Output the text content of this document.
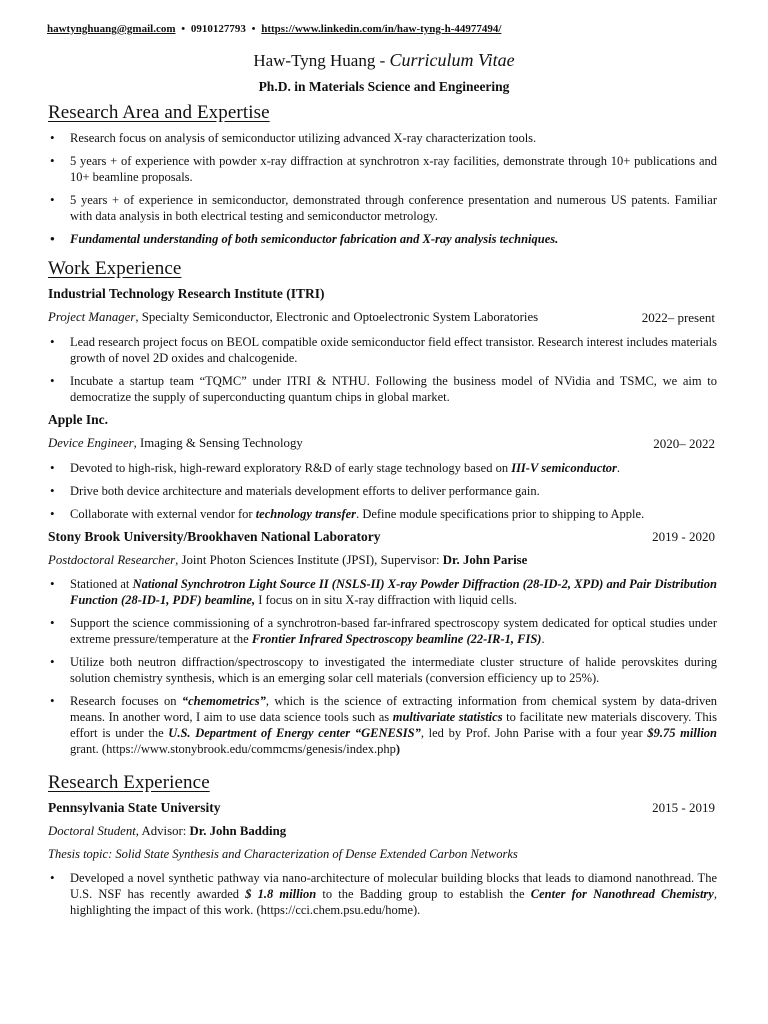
hawtynghuang@gmail.com • 0910127793 • https://www.linkedin.com/in/haw-tyng-h-44977494/
Haw-Tyng Huang - Curriculum Vitae
Ph.D. in Materials Science and Engineering
Research Area and Expertise
• Research focus on analysis of semiconductor utilizing advanced X-ray characterization tools.
• 5 years + of experience with powder x-ray diffraction at synchrotron x-ray facilities, demonstrate through 10+ publications and 10+ beamline proposals.
• 5 years + of experience in semiconductor, demonstrated through conference presentation and numerous US patents. Familiar with data analysis in both electrical testing and semiconductor metrology.
• Fundamental understanding of both semiconductor fabrication and X-ray analysis techniques.
Work Experience
Industrial Technology Research Institute (ITRI)
Project Manager, Specialty Semiconductor, Electronic and Optoelectronic System Laboratories	2022– present
• Lead research project focus on BEOL compatible oxide semiconductor field effect transistor. Research interest includes materials growth of novel 2D oxides and chalcogenide.
• Incubate a startup team “TQMC” under ITRI & NTHU. Following the business model of NVidia and TSMC, we aim to democratize the supply of superconducting quantum chips in global market.
Apple Inc.
Device Engineer, Imaging & Sensing Technology	2020– 2022
• Devoted to high-risk, high-reward exploratory R&D of early stage technology based on III-V semiconductor.
• Drive both device architecture and materials development efforts to deliver performance gain.
• Collaborate with external vendor for technology transfer. Define module specifications prior to shipping to Apple.
Stony Brook University/Brookhaven National Laboratory	2019 - 2020
Postdoctoral Researcher, Joint Photon Sciences Institute (JPSI), Supervisor: Dr. John Parise
• Stationed at National Synchrotron Light Source II (NSLS-II) X-ray Powder Diffraction (28-ID-2, XPD) and Pair Distribution Function (28-ID-1, PDF) beamline, I focus on in situ X-ray diffraction with liquid cells.
• Support the science commissioning of a synchrotron-based far-infrared spectroscopy system dedicated for optical studies under extreme pressure/temperature at the Frontier Infrared Spectroscopy beamline (22-IR-1, FIS).
• Utilize both neutron diffraction/spectroscopy to investigated the intermediate cluster structure of halide perovskites during solution chemistry synthesis, which is an emerging solar cell materials (conversion efficiency up to 25%).
• Research focuses on “chemometrics”, which is the science of extracting information from chemical system by data-driven means. In another word, I aim to use data science tools such as multivariate statistics to facilitate new materials discovery. This effort is under the U.S. Department of Energy center “GENESIS”, led by Prof. John Parise with a four year $9.75 million grant. (https://www.stonybrook.edu/commcms/genesis/index.php)
Research Experience
Pennsylvania State University	2015 - 2019
Doctoral Student, Advisor: Dr. John Badding
Thesis topic: Solid State Synthesis and Characterization of Dense Extended Carbon Networks
• Developed a novel synthetic pathway via nano-architecture of molecular building blocks that leads to diamond nanothread. The U.S. NSF has recently awarded $ 1.8 million to the Badding group to establish the Center for Nanothread Chemistry, highlighting the impact of this work. (https://cci.chem.psu.edu/home).
